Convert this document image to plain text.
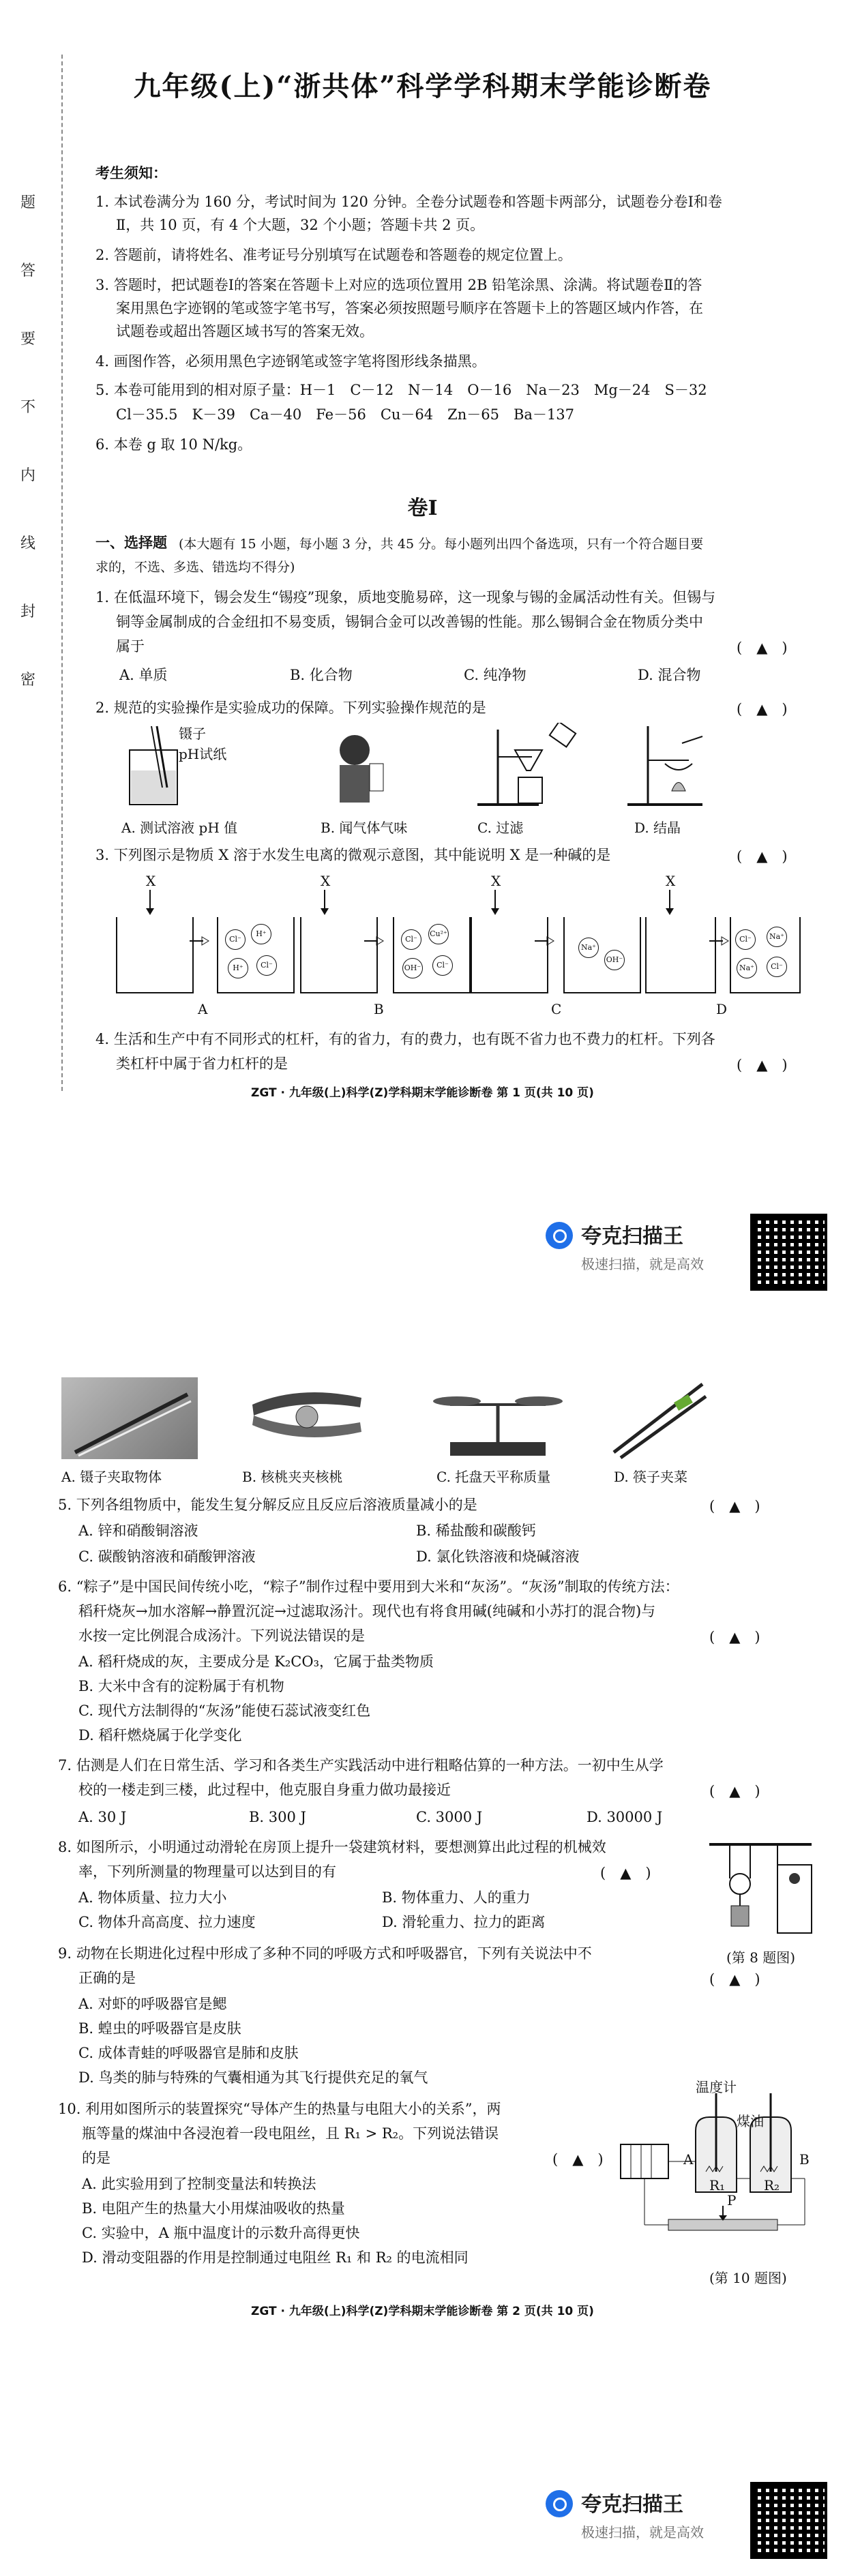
密
封
线
内
不
要
答
题
九年级(上)“浙共体”科学学科期末学能诊断卷
考生须知：
1. 本试卷满分为 160 分，考试时间为 120 分钟。全卷分试题卷和答题卡两部分，试题卷分卷Ⅰ和卷
Ⅱ，共 10 页，有 4 个大题，32 个小题；答题卡共 2 页。
2. 答题前，请将姓名、准考证号分别填写在试题卷和答题卷的规定位置上。
3. 答题时，把试题卷Ⅰ的答案在答题卡上对应的选项位置用 2B 铅笔涂黑、涂满。将试题卷Ⅱ的答
案用黑色字迹钢的笔或签字笔书写，答案必须按照题号顺序在答题卡上的答题区域内作答，在
试题卷或超出答题区域书写的答案无效。
4. 画图作答，必须用黑色字迹钢笔或签字笔将图形线条描黑。
5. 本卷可能用到的相对原子量：H－1　C－12　N－14　O－16　Na－23　Mg－24　S－32
Cl－35.5　K－39　Ca－40　Fe－56　Cu－64　Zn－65　Ba－137
6. 本卷 g 取 10 N/kg。
卷Ⅰ
一、选择题 (本大题有 15 小题，每小题 3 分，共 45 分。每小题列出四个备选项，只有一个符合题目要
求的，不选、多选、错选均不得分)
1. 在低温环境下，锡会发生“锡疫”现象，质地变脆易碎，这一现象与锡的金属活动性有关。但锡与
铜等金属制成的合金纽扣不易变质，锡铜合金可以改善锡的性能。那么锡铜合金在物质分类中
属于	(　▲　)
A. 单质	B. 化合物	C. 纯净物	D. 混合物
2. 规范的实验操作是实验成功的保障。下列实验操作规范的是	(　▲　)
镊子
pH试纸
A. 测试溶液 pH 值	B. 闻气体气味	C. 过滤	D. 结晶
3. 下列图示是物质 X 溶于水发生电离的微观示意图，其中能说明 X 是一种碱的是	(　▲　)
X	X	X	X
Cl⁻
H⁺
H⁺	Cl⁻
Cl⁻
Cu²⁺
OH⁻	Cl⁻
Na⁺
OH⁻
Cl⁻	Na⁺
Na⁺	Cl⁻
A	B	C	D
4. 生活和生产中有不同形式的杠杆，有的省力，有的费力，也有既不省力也不费力的杠杆。下列各
类杠杆中属于省力杠杆的是	(　▲　)
ZGT · 九年级(上)科学(Z)学科期末学能诊断卷 第 1 页(共 10 页)
夸克扫描王
极速扫描，就是高效
A. 镊子夹取物体	B. 核桃夹夹核桃	C. 托盘天平称质量	D. 筷子夹菜
5. 下列各组物质中，能发生复分解反应且反应后溶液质量减小的是	(　▲　)
A. 锌和硝酸铜溶液	B. 稀盐酸和碳酸钙
C. 碳酸钠溶液和硝酸钾溶液	D. 氯化铁溶液和烧碱溶液
6. “粽子”是中国民间传统小吃，“粽子”制作过程中要用到大米和“灰汤”。“灰汤”制取的传统方法：
稻秆烧灰→加水溶解→静置沉淀→过滤取汤汁。现代也有将食用碱(纯碱和小苏打的混合物)与
水按一定比例混合成汤汁。下列说法错误的是	(　▲　)
A. 稻秆烧成的灰，主要成分是 K₂CO₃，它属于盐类物质
B. 大米中含有的淀粉属于有机物
C. 现代方法制得的“灰汤”能使石蕊试液变红色
D. 稻秆燃烧属于化学变化
7. 估测是人们在日常生活、学习和各类生产实践活动中进行粗略估算的一种方法。一初中生从学
校的一楼走到三楼，此过程中，他克服自身重力做功最接近	(　▲　)
A. 30 J	B. 300 J	C. 3000 J	D. 30000 J
8. 如图所示，小明通过动滑轮在房顶上提升一袋建筑材料，要想测算出此过程的机械效
率，下列所测量的物理量可以达到目的有	(　▲　)
A. 物体质量、拉力大小	B. 物体重力、人的重力
C. 物体升高高度、拉力速度	D. 滑轮重力、拉力的距离
(第 8 题图)
9. 动物在长期进化过程中形成了多种不同的呼吸方式和呼吸器官，下列有关说法中不
正确的是	(　▲　)
A. 对虾的呼吸器官是鳃
B. 蝗虫的呼吸器官是皮肤
C. 成体青蛙的呼吸器官是肺和皮肤
D. 鸟类的肺与特殊的气囊相通为其飞行提供充足的氧气
10. 利用如图所示的装置探究“导体产生的热量与电阻大小的关系”，两
瓶等量的煤油中各浸泡着一段电阻丝，且 R₁ > R₂。下列说法错误
的是	(　▲　)
A. 此实验用到了控制变量法和转换法
B. 电阻产生的热量大小用煤油吸收的热量
C. 实验中，A 瓶中温度计的示数升高得更快
D. 滑动变阻器的作用是控制通过电阻丝 R₁ 和 R₂ 的电流相同
温度计
煤油
A	B
R₁	R₂
P
(第 10 题图)
ZGT · 九年级(上)科学(Z)学科期末学能诊断卷 第 2 页(共 10 页)
夸克扫描王
极速扫描，就是高效
